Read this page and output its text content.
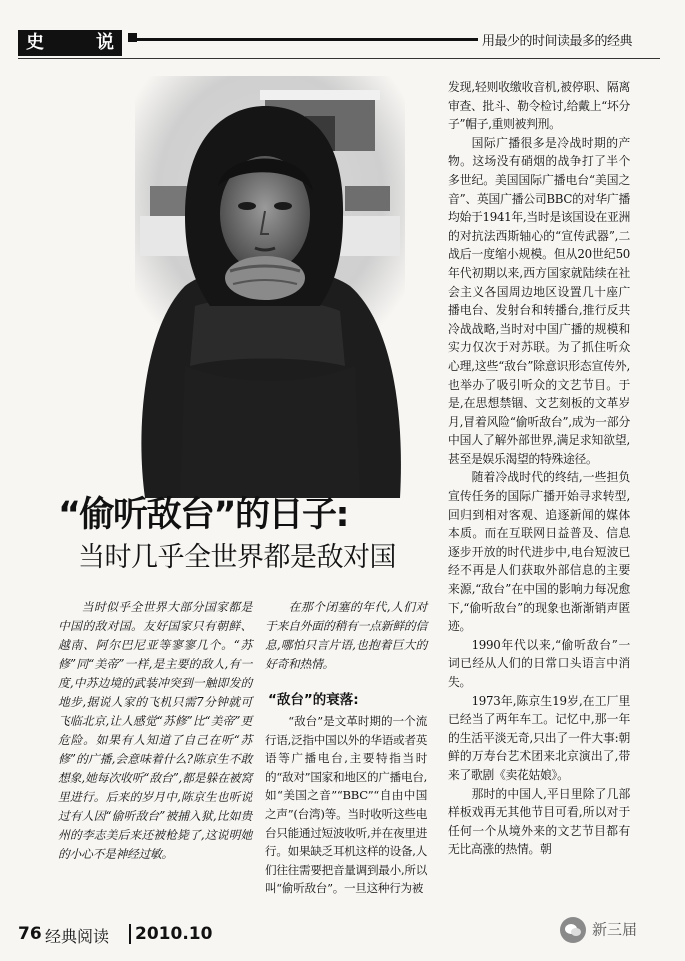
史	说	用最少的时间读最多的经典
“偷听敌台”的日子:
当时几乎全世界都是敌对国

当时似乎全世界大部分国家都是中国的敌对国。友好国家只有朝鲜、越南、阿尔巴尼亚等寥寥几个。“苏修”同“美帝”一样,是主要的敌人,有一度,中苏边境的武装冲突到一触即发的地步,据说人家的飞机只需7分钟就可飞临北京,让人感觉“苏修”比“美帝”更危险。如果有人知道了自己在听“苏修”的广播,会意味着什么?陈京生不敢想象,她每次收听“敌台”,都是躲在被窝里进行。后来的岁月中,陈京生也听说过有人因“偷听敌台”被捕入狱,比如贵州的李志美后来还被枪毙了,这说明她的小心不是神经过敏。

在那个闭塞的年代,人们对于来自外面的稍有一点新鲜的信息,哪怕只言片语,也抱着巨大的好奇和热情。

“敌台”的衰落:

“敌台”是文革时期的一个流行语,泛指中国以外的华语或者英语等广播电台,主要特指当时的“敌对”国家和地区的广播电台,如“美国之音”“BBC”“自由中国之声”(台湾)等。当时收听这些电台只能通过短波收听,并在夜里进行。如果缺乏耳机这样的设备,人们往往需要把音量调到最小,所以叫“偷听敌台”。一旦这种行为被

发现,轻则收缴收音机,被停职、隔离审查、批斗、勒令检讨,给戴上“坏分子”帽子,重则被判刑。

国际广播很多是冷战时期的产物。这场没有硝烟的战争打了半个多世纪。美国国际广播电台“美国之音”、英国广播公司BBC的对华广播均始于1941年,当时是该国设在亚洲的对抗法西斯轴心的“宣传武器”,二战后一度缩小规模。但从20世纪50年代初期以来,西方国家就陆续在社会主义各国周边地区设置几十座广播电台、发射台和转播台,推行反共冷战战略,当时对中国广播的规模和实力仅次于对苏联。为了抓住听众心理,这些“敌台”除意识形态宣传外,也举办了吸引听众的文艺节目。于是,在思想禁锢、文艺刻板的文革岁月,冒着风险“偷听敌台”,成为一部分中国人了解外部世界,满足求知欲望,甚至是娱乐渴望的特殊途径。

随着冷战时代的终结,一些担负宣传任务的国际广播开始寻求转型,回归到相对客观、追逐新闻的媒体本质。而在互联网日益普及、信息逐步开放的时代进步中,电台短波已经不再是人们获取外部信息的主要来源,“敌台”在中国的影响力每况愈下,“偷听敌台”的现象也渐渐销声匿迹。

1990年代以来,“偷听敌台”一词已经从人们的日常口头语言中消失。

1973年,陈京生19岁,在工厂里已经当了两年车工。记忆中,那一年的生活平淡无奇,只出了一件大事:朝鲜的万寿台艺术团来北京演出了,带来了歌剧《卖花姑娘》。

那时的中国人,平日里除了几部样板戏再无其他节目可看,所以对于任何一个从境外来的文艺节目都有无比高涨的热情。朝

76 经典阅读 2010.10	新三届
